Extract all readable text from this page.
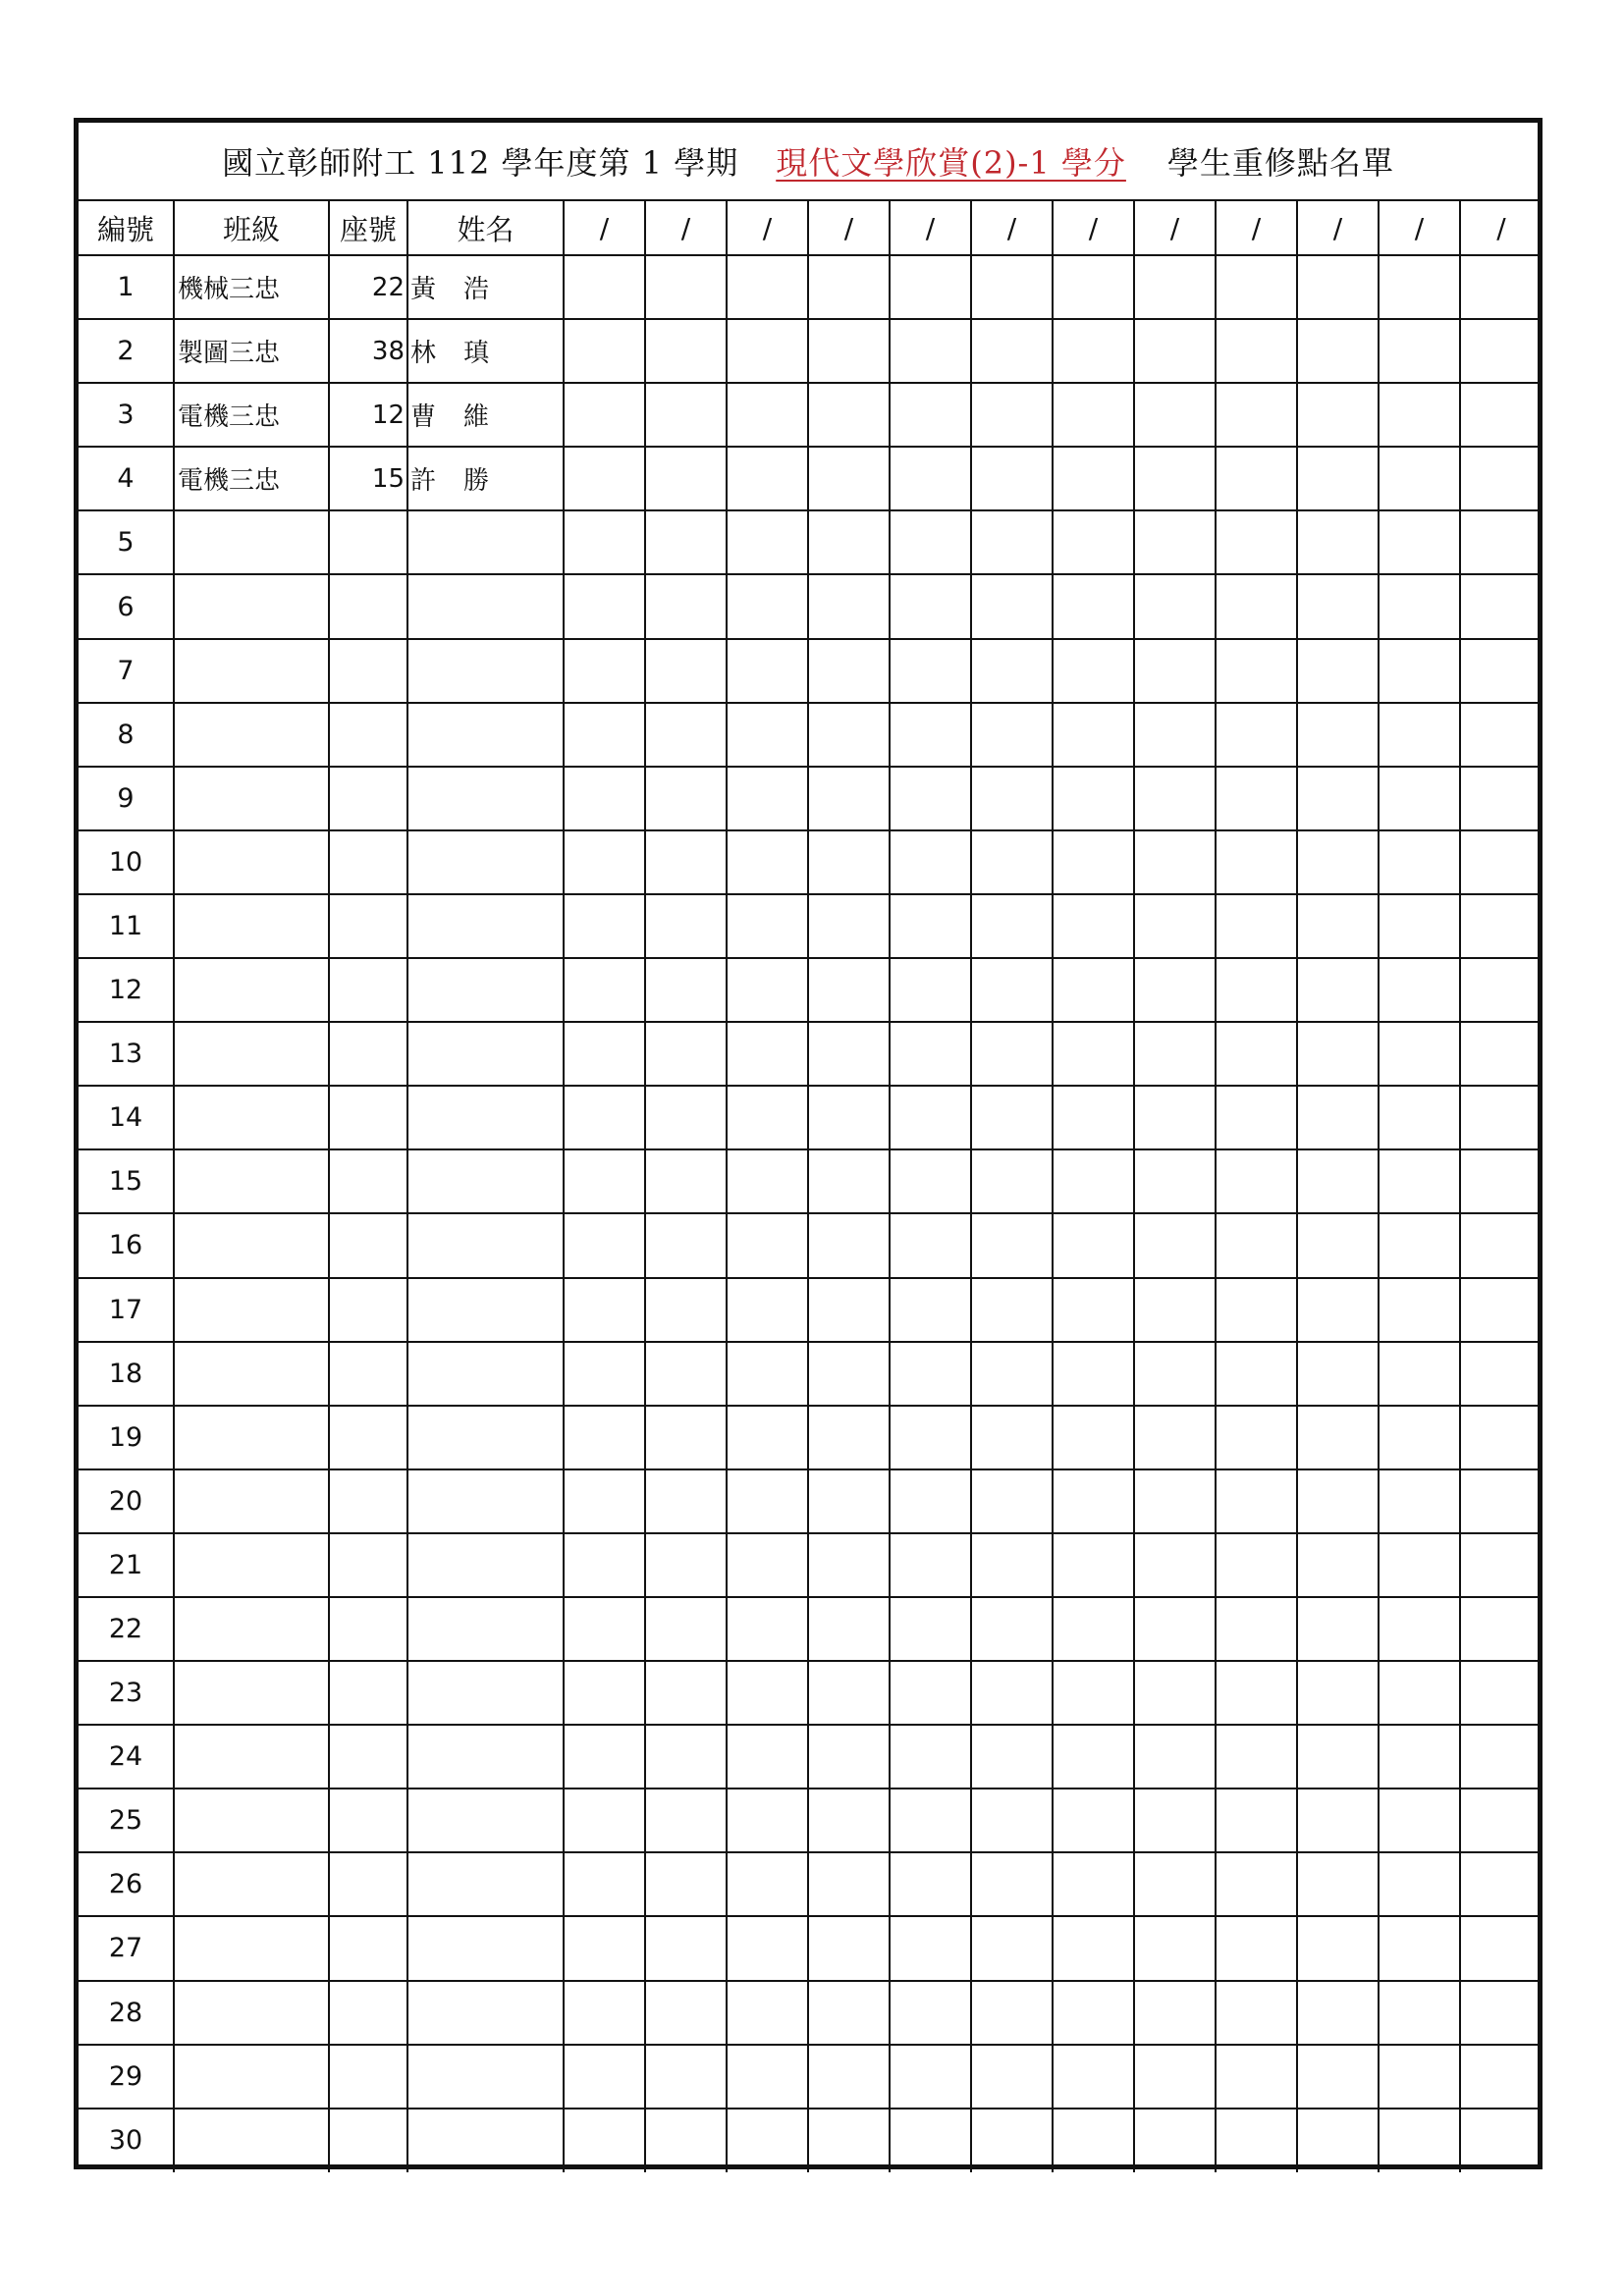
國立彰師附工 112 學年度第 1 學期 現代文學欣賞(2)-1 學分 學生重修點名單
編號	班級	座號	姓名	/	/	/	/	/	/	/	/	/	/	/	/
1	機械三忠	22	黃 浩												

2	製圖三忠	38	林 瑱												

3	電機三忠	12	曹 維												

4	電機三忠	15	許 勝												

5															
6															
7															
8															
9															
10															
11															
12															
13															
14															
15															
16															
17															
18															
19															
20															
21															
22															
23															
24															
25															
26															
27															
28															
29															
30															
